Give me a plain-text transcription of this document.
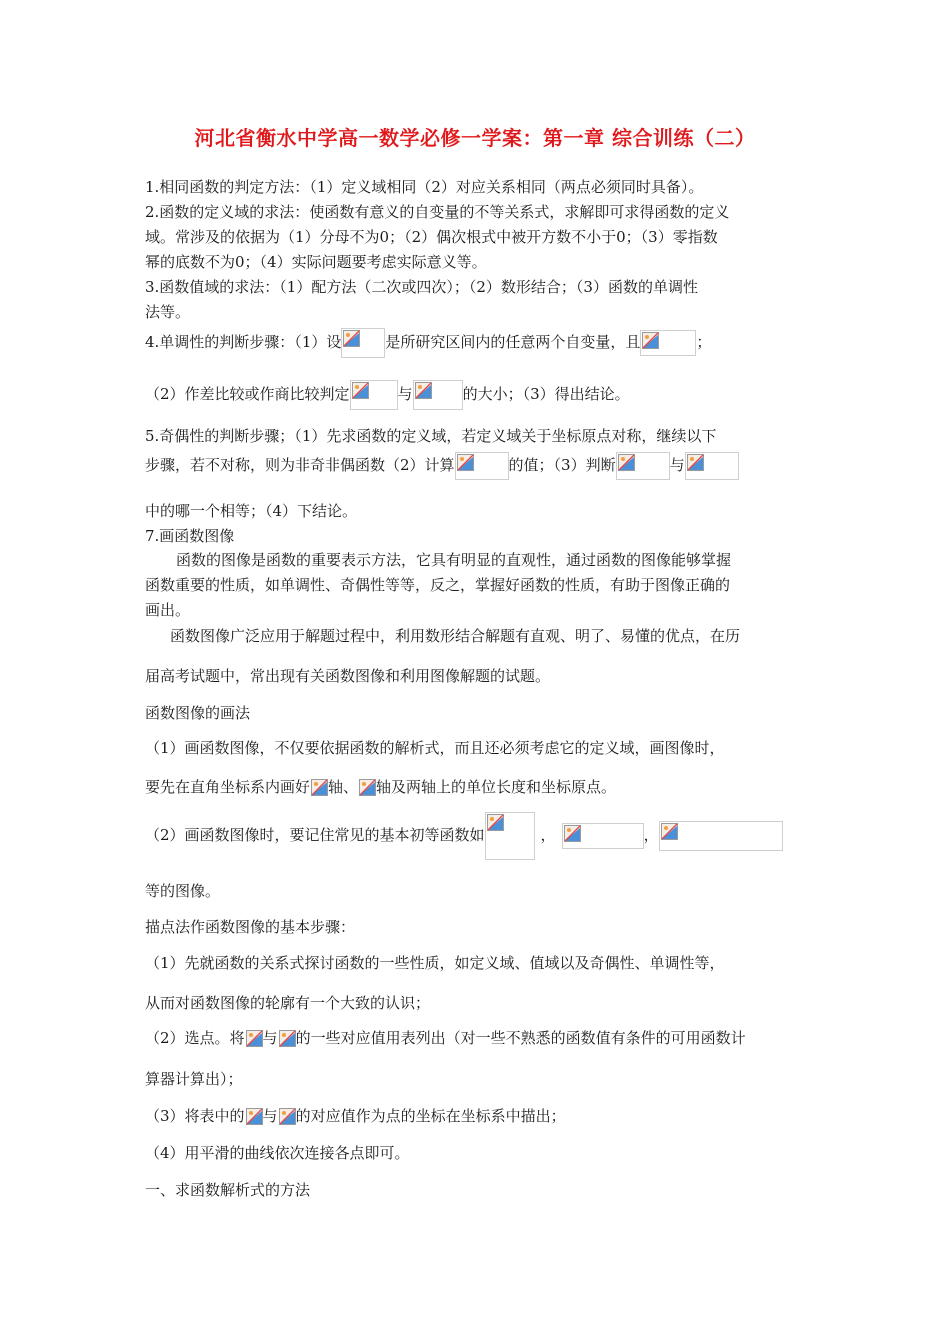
河北省衡水中学高一数学必修一学案：第一章 综合训练（二）
1.相同函数的判定方法：（1）定义域相同（2）对应关系相同（两点必须同时具备）。
2.函数的定义域的求法：使函数有意义的自变量的不等关系式，求解即可求得函数的定义
域。常涉及的依据为（1）分母不为0；（2）偶次根式中被开方数不小于0；（3）零指数
幂的底数不为0；（4）实际问题要考虑实际意义等。
3.函数值域的求法：（1）配方法（二次或四次）；（2）数形结合；（3）函数的单调性
法等。
4.单调性的判断步骤：（1）设	是所研究区间内的任意两个自变量，且	；
（2）作差比较或作商比较判定	与	的大小；（3）得出结论。
5.奇偶性的判断步骤；（1）先求函数的定义域，若定义域关于坐标原点对称，继续以下
步骤，若不对称，则为非奇非偶函数（2）计算	的值；（3）判断	与
中的哪一个相等；（4）下结论。
7.画函数图像
函数的图像是函数的重要表示方法，它具有明显的直观性，通过函数的图像能够掌握
函数重要的性质，如单调性、奇偶性等等，反之，掌握好函数的性质，有助于图像正确的
画出。
函数图像广泛应用于解题过程中，利用数形结合解题有直观、明了、易懂的优点，在历
届高考试题中，常出现有关函数图像和利用图像解题的试题。
函数图像的画法
（1）画函数图像，不仅要依据函数的解析式，而且还必须考虑它的定义域，画图像时，
要先在直角坐标系内画好 轴、 轴及两轴上的单位长度和坐标原点。
（2）画函数图像时，要记住常见的基本初等函数如	，	，
等的图像。
描点法作函数图像的基本步骤：
（1）先就函数的关系式探讨函数的一些性质，如定义域、值域以及奇偶性、单调性等，
从而对函数图像的轮廓有一个大致的认识；
（2）选点。将 与 的一些对应值用表列出（对一些不熟悉的函数值有条件的可用函数计
算器计算出）；
（3）将表中的 与 的对应值作为点的坐标在坐标系中描出；
（4）用平滑的曲线依次连接各点即可。
一、求函数解析式的方法
